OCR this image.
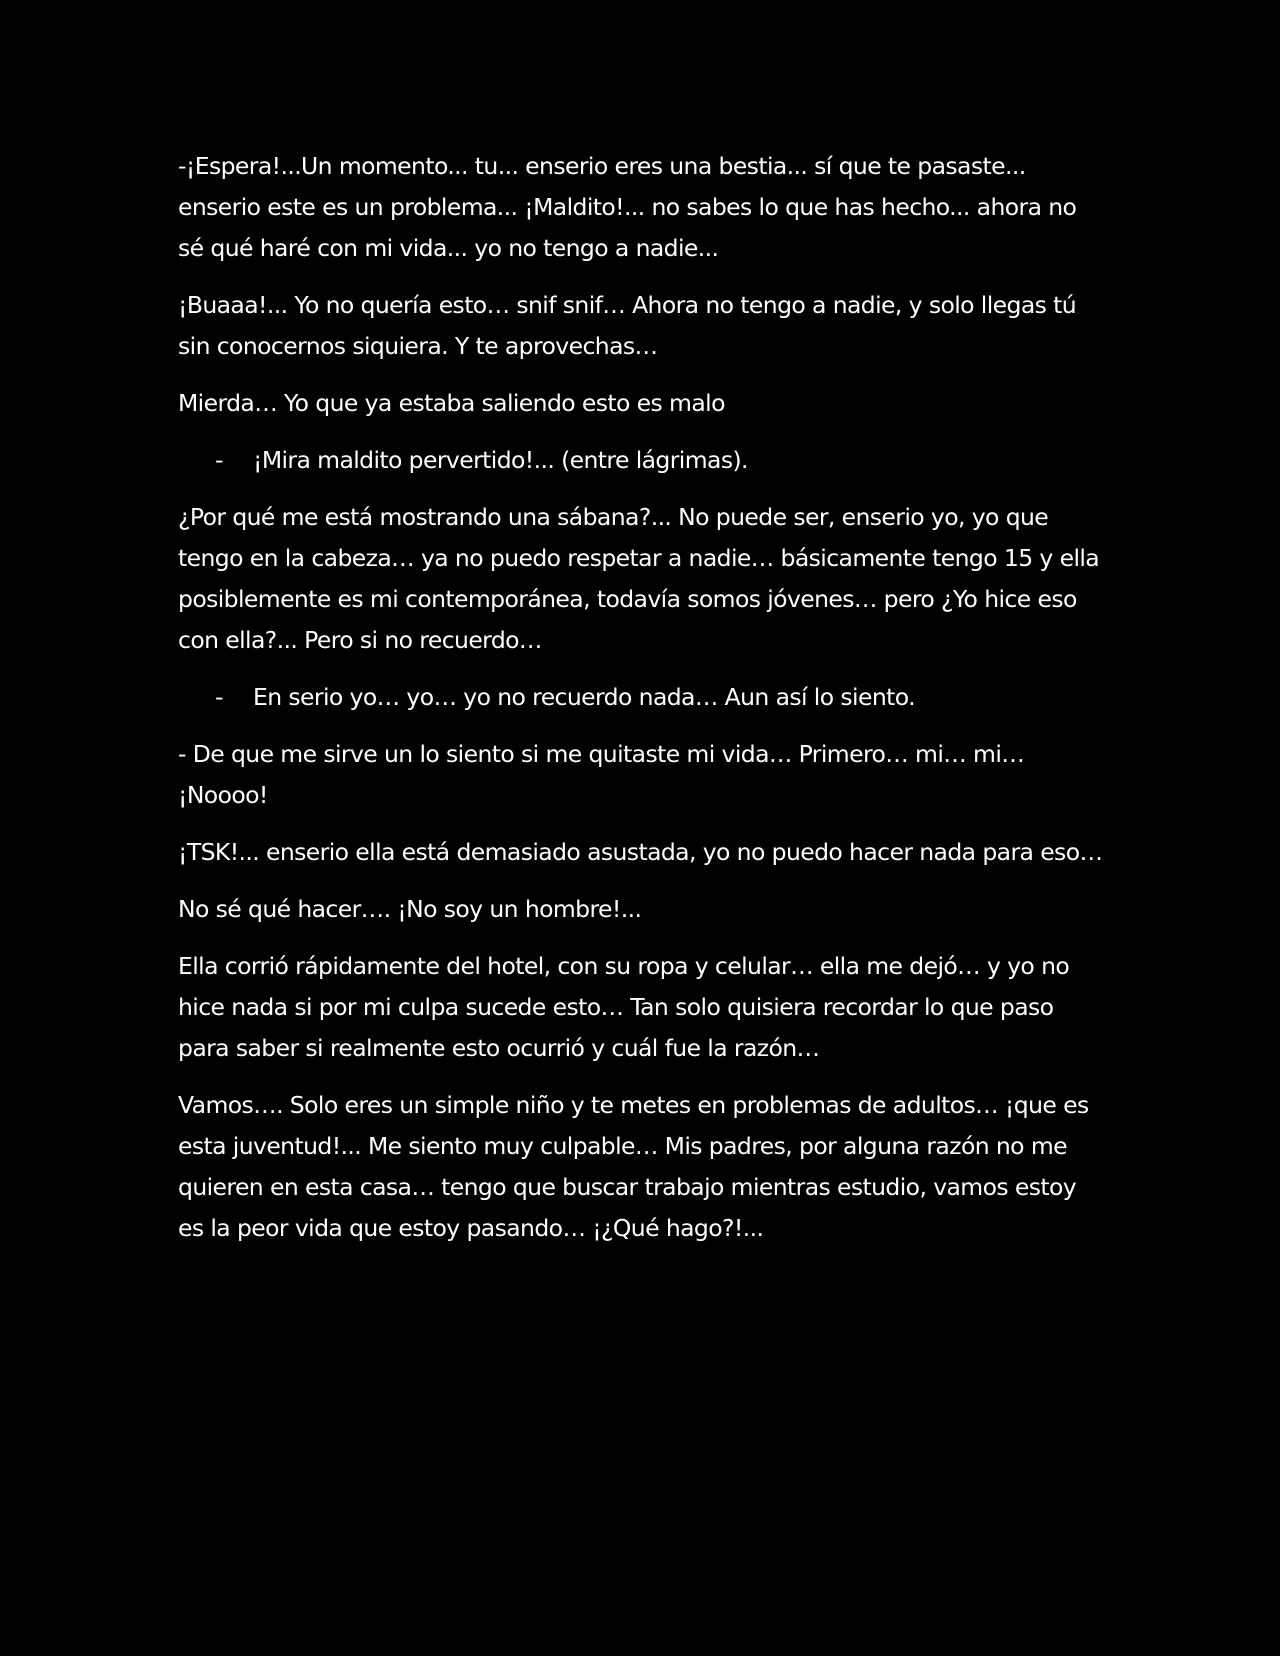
-¡Espera!...Un momento... tu... enserio eres una bestia... sí que te pasaste... enserio este es un problema... ¡Maldito!... no sabes lo que has hecho... ahora no sé qué haré con mi vida... yo no tengo a nadie...

¡Buaaa!... Yo no quería esto… snif snif… Ahora no tengo a nadie, y solo llegas tú sin conocernos siquiera. Y te aprovechas…

Mierda… Yo que ya estaba saliendo esto es malo

- ¡Mira maldito pervertido!... (entre lágrimas).

¿Por qué me está mostrando una sábana?... No puede ser, enserio yo, yo que tengo en la cabeza… ya no puedo respetar a nadie… básicamente tengo 15 y ella posiblemente es mi contemporánea, todavía somos jóvenes… pero ¿Yo hice eso con ella?... Pero si no recuerdo…

- En serio yo… yo… yo no recuerdo nada… Aun así lo siento.

- De que me sirve un lo siento si me quitaste mi vida… Primero… mi… mi… ¡Noooo!

¡TSK!... enserio ella está demasiado asustada, yo no puedo hacer nada para eso…

No sé qué hacer…. ¡No soy un hombre!...

Ella corrió rápidamente del hotel, con su ropa y celular… ella me dejó… y yo no hice nada si por mi culpa sucede esto… Tan solo quisiera recordar lo que paso para saber si realmente esto ocurrió y cuál fue la razón…

Vamos…. Solo eres un simple niño y te metes en problemas de adultos… ¡que es esta juventud!... Me siento muy culpable… Mis padres, por alguna razón no me quieren en esta casa… tengo que buscar trabajo mientras estudio, vamos estoy es la peor vida que estoy pasando… ¡¿Qué hago?!...
